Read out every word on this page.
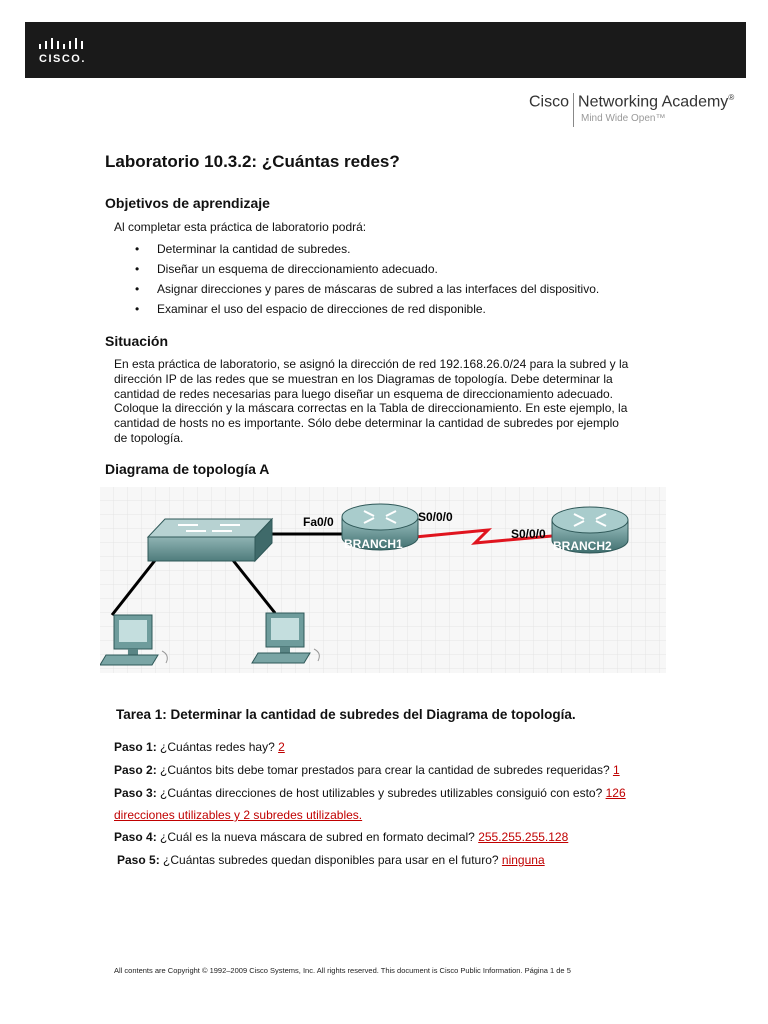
CISCO.
Cisco Networking Academy®
Mind Wide Open™
Laboratorio 10.3.2: ¿Cuántas redes?
Objetivos de aprendizaje
Al completar esta práctica de laboratorio podrá:
• Determinar la cantidad de subredes.
• Diseñar un esquema de direccionamiento adecuado.
• Asignar direcciones y pares de máscaras de subred a las interfaces del dispositivo.
• Examinar el uso del espacio de direcciones de red disponible.
Situación
En esta práctica de laboratorio, se asignó la dirección de red 192.168.26.0/24 para la subred y la
dirección IP de las redes que se muestran en los Diagramas de topología. Debe determinar la
cantidad de redes necesarias para luego diseñar un esquema de direccionamiento adecuado.
Coloque la dirección y la máscara correctas en la Tabla de direccionamiento. En este ejemplo, la
cantidad de hosts no es importante. Sólo debe determinar la cantidad de subredes por ejemplo
de topología.
Diagrama de topología A
Fa0/0	S0/0/0
S0/0/0
BRANCH1	BRANCH2
Tarea 1: Determinar la cantidad de subredes del Diagrama de topología.
Paso 1: ¿Cuántas redes hay? 2
Paso 2: ¿Cuántos bits debe tomar prestados para crear la cantidad de subredes requeridas? 1
Paso 3: ¿Cuántas direcciones de host utilizables y subredes utilizables consiguió con esto? 126
direcciones utilizables y 2 subredes utilizables.
Paso 4: ¿Cuál es la nueva máscara de subred en formato decimal? 255.255.255.128
Paso 5: ¿Cuántas subredes quedan disponibles para usar en el futuro? ninguna
All contents are Copyright © 1992–2009 Cisco Systems, Inc. All rights reserved. This document is Cisco Public Information. Página 1 de 5
